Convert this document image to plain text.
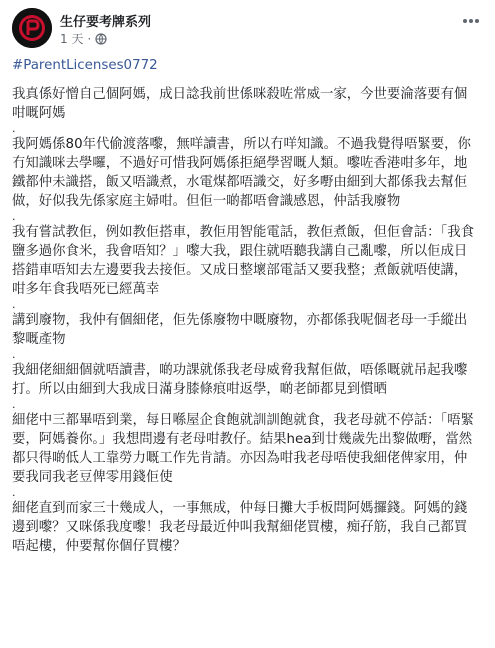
生仔要考牌系列
1 天 ·
#ParentLicenses0772

我真係好憎自己個阿媽，成日諗我前世係咪殺咗常威一家，今世要淪落要有個咁嘅阿媽

.

我阿媽係80年代偷渡落嚟，無咩讀書，所以冇咩知識。不過我覺得唔緊要，你冇知識咪去學囉，不過好可惜我阿媽係拒絕學習嘅人類。嚟咗香港咁多年，地鐵都仲未識搭，飯又唔識煮，水電煤都唔識交，好多嘢由細到大都係我去幫佢做，好似我先係家庭主婦咁。但佢一啲都唔會識感恩，仲話我廢物

.

我有嘗試教佢，例如教佢搭車，教佢用智能電話，教佢煮飯，但佢會話：「我食鹽多過你食米，我會唔知？」嚟大我，跟住就唔聽我講自己亂嚟，所以佢成日搭錯車唔知去左邊要我去接佢。又成日整壞部電話又要我整；煮飯就唔使講，咁多年食我唔死已經萬幸

.

講到廢物，我仲有個細佬，佢先係廢物中嘅廢物，亦都係我呢個老母一手縱出黎嘅產物

.

我細佬細細個就唔讀書，啲功課就係我老母威脅我幫佢做，唔係嘅就吊起我嚟打。所以由細到大我成日滿身膝條痕咁返學，啲老師都見到慣晒

.

細佬中三都畢唔到業，每日喺屋企食飽就訓訓飽就食，我老母就不停話：「唔緊要，阿媽養你。」我想問邊有老母咁教仔。結果hea到廿幾歲先出黎做嘢，當然都只得啲低人工靠勞力嘅工作先肯請。亦因為咁我老母唔使我細佬俾家用，仲要我同我老豆俾零用錢佢使

.

細佬直到而家三十幾成人，一事無成，仲每日攤大手板問阿媽攞錢。阿媽的錢邊到嚟？又咪係我度嚟！我老母最近仲叫我幫細佬買樓，痴孖筋，我自己都買唔起樓，仲要幫你個仔買樓？
